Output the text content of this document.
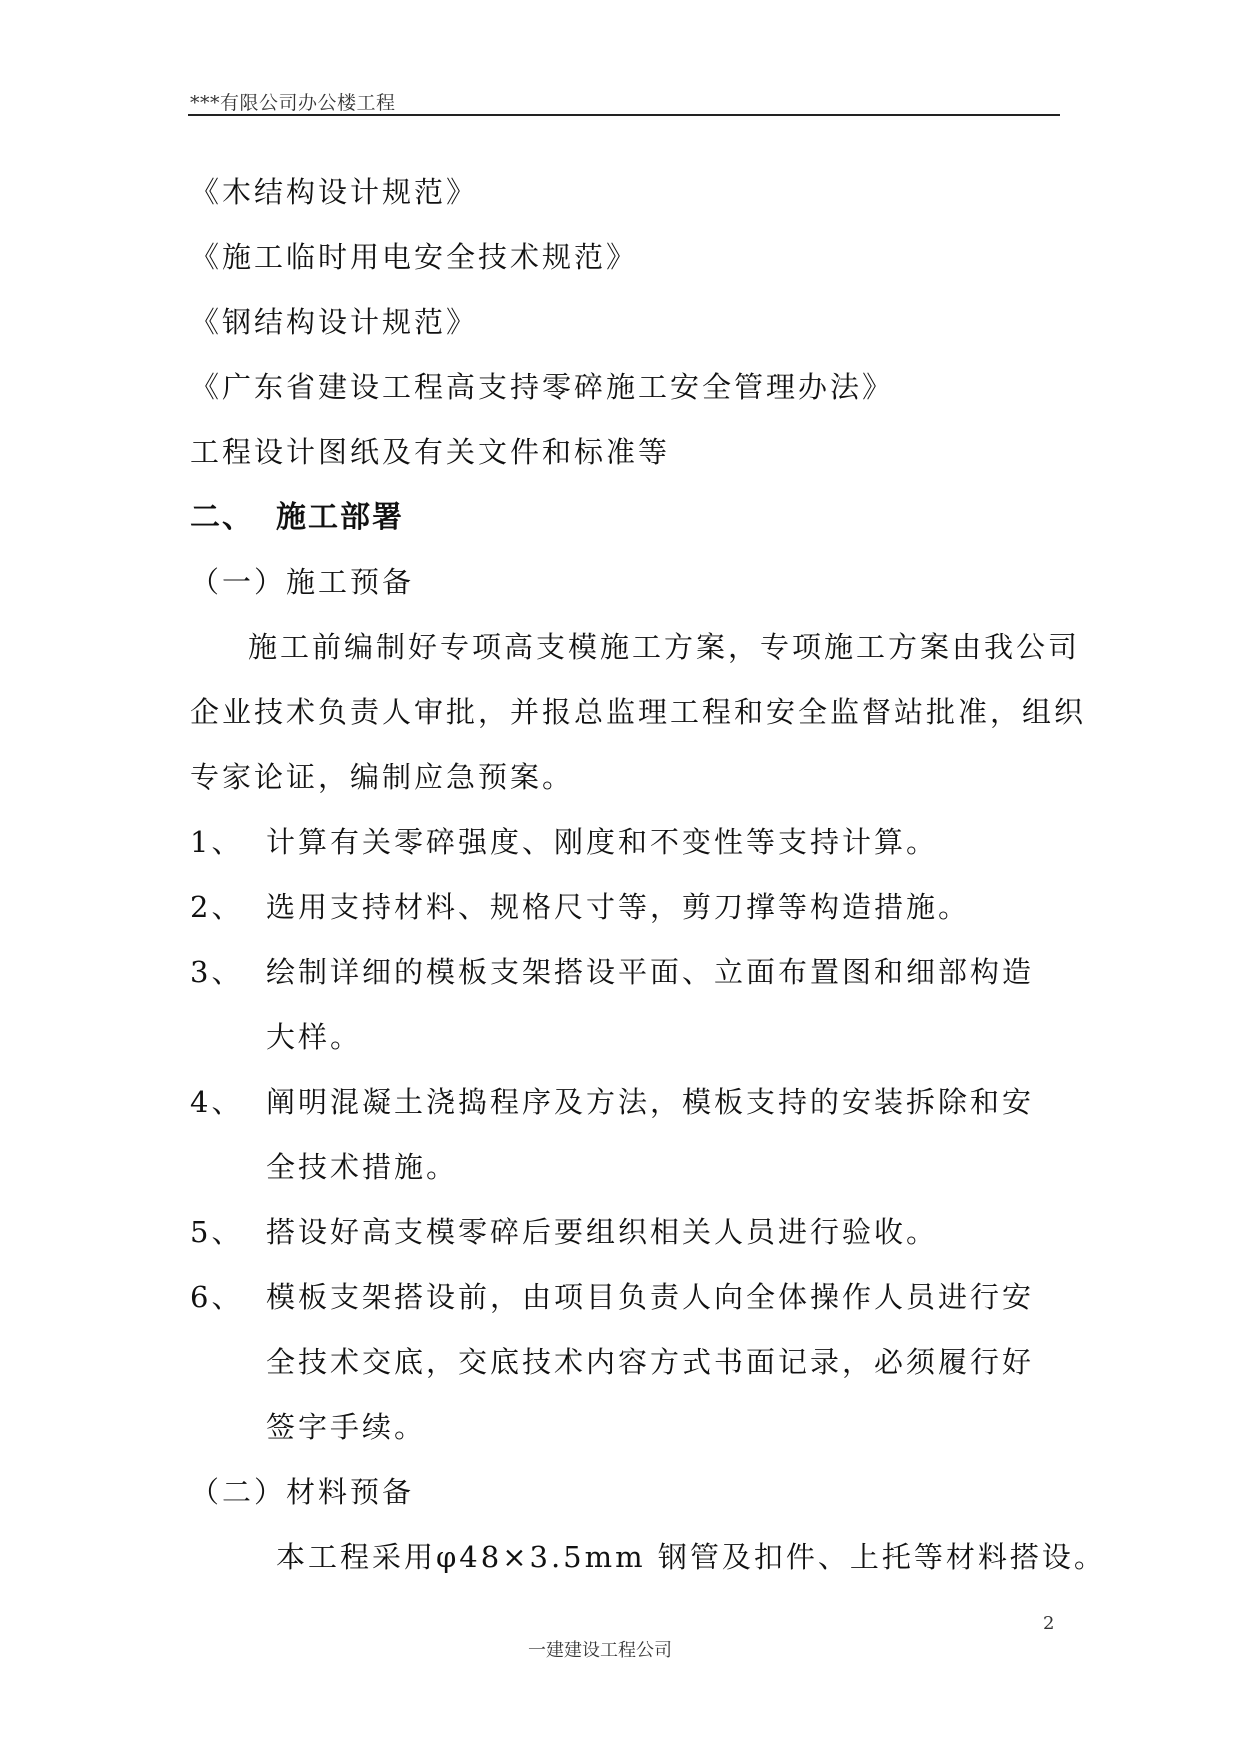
***有限公司办公楼工程
《木结构设计规范》
《施工临时用电安全技术规范》
《钢结构设计规范》
《广东省建设工程高支持零碎施工安全管理办法》
工程设计图纸及有关文件和标准等
二、 施工部署
（一）施工预备
施工前编制好专项高支模施工方案，专项施工方案由我公司
企业技术负责人审批，并报总监理工程和安全监督站批准，组织
专家论证，编制应急预案。
1、 计算有关零碎强度、刚度和不变性等支持计算。
2、 选用支持材料、规格尺寸等，剪刀撑等构造措施。
3、 绘制详细的模板支架搭设平面、立面布置图和细部构造大样。
4、 阐明混凝土浇捣程序及方法，模板支持的安装拆除和安全技术措施。
5、 搭设好高支模零碎后要组织相关人员进行验收。
6、 模板支架搭设前，由项目负责人向全体操作人员进行安全技术交底，交底技术内容方式书面记录，必须履行好签字手续。
（二）材料预备
本工程采用φ48×3.5mm 钢管及扣件、上托等材料搭设。
2
一建建设工程公司
